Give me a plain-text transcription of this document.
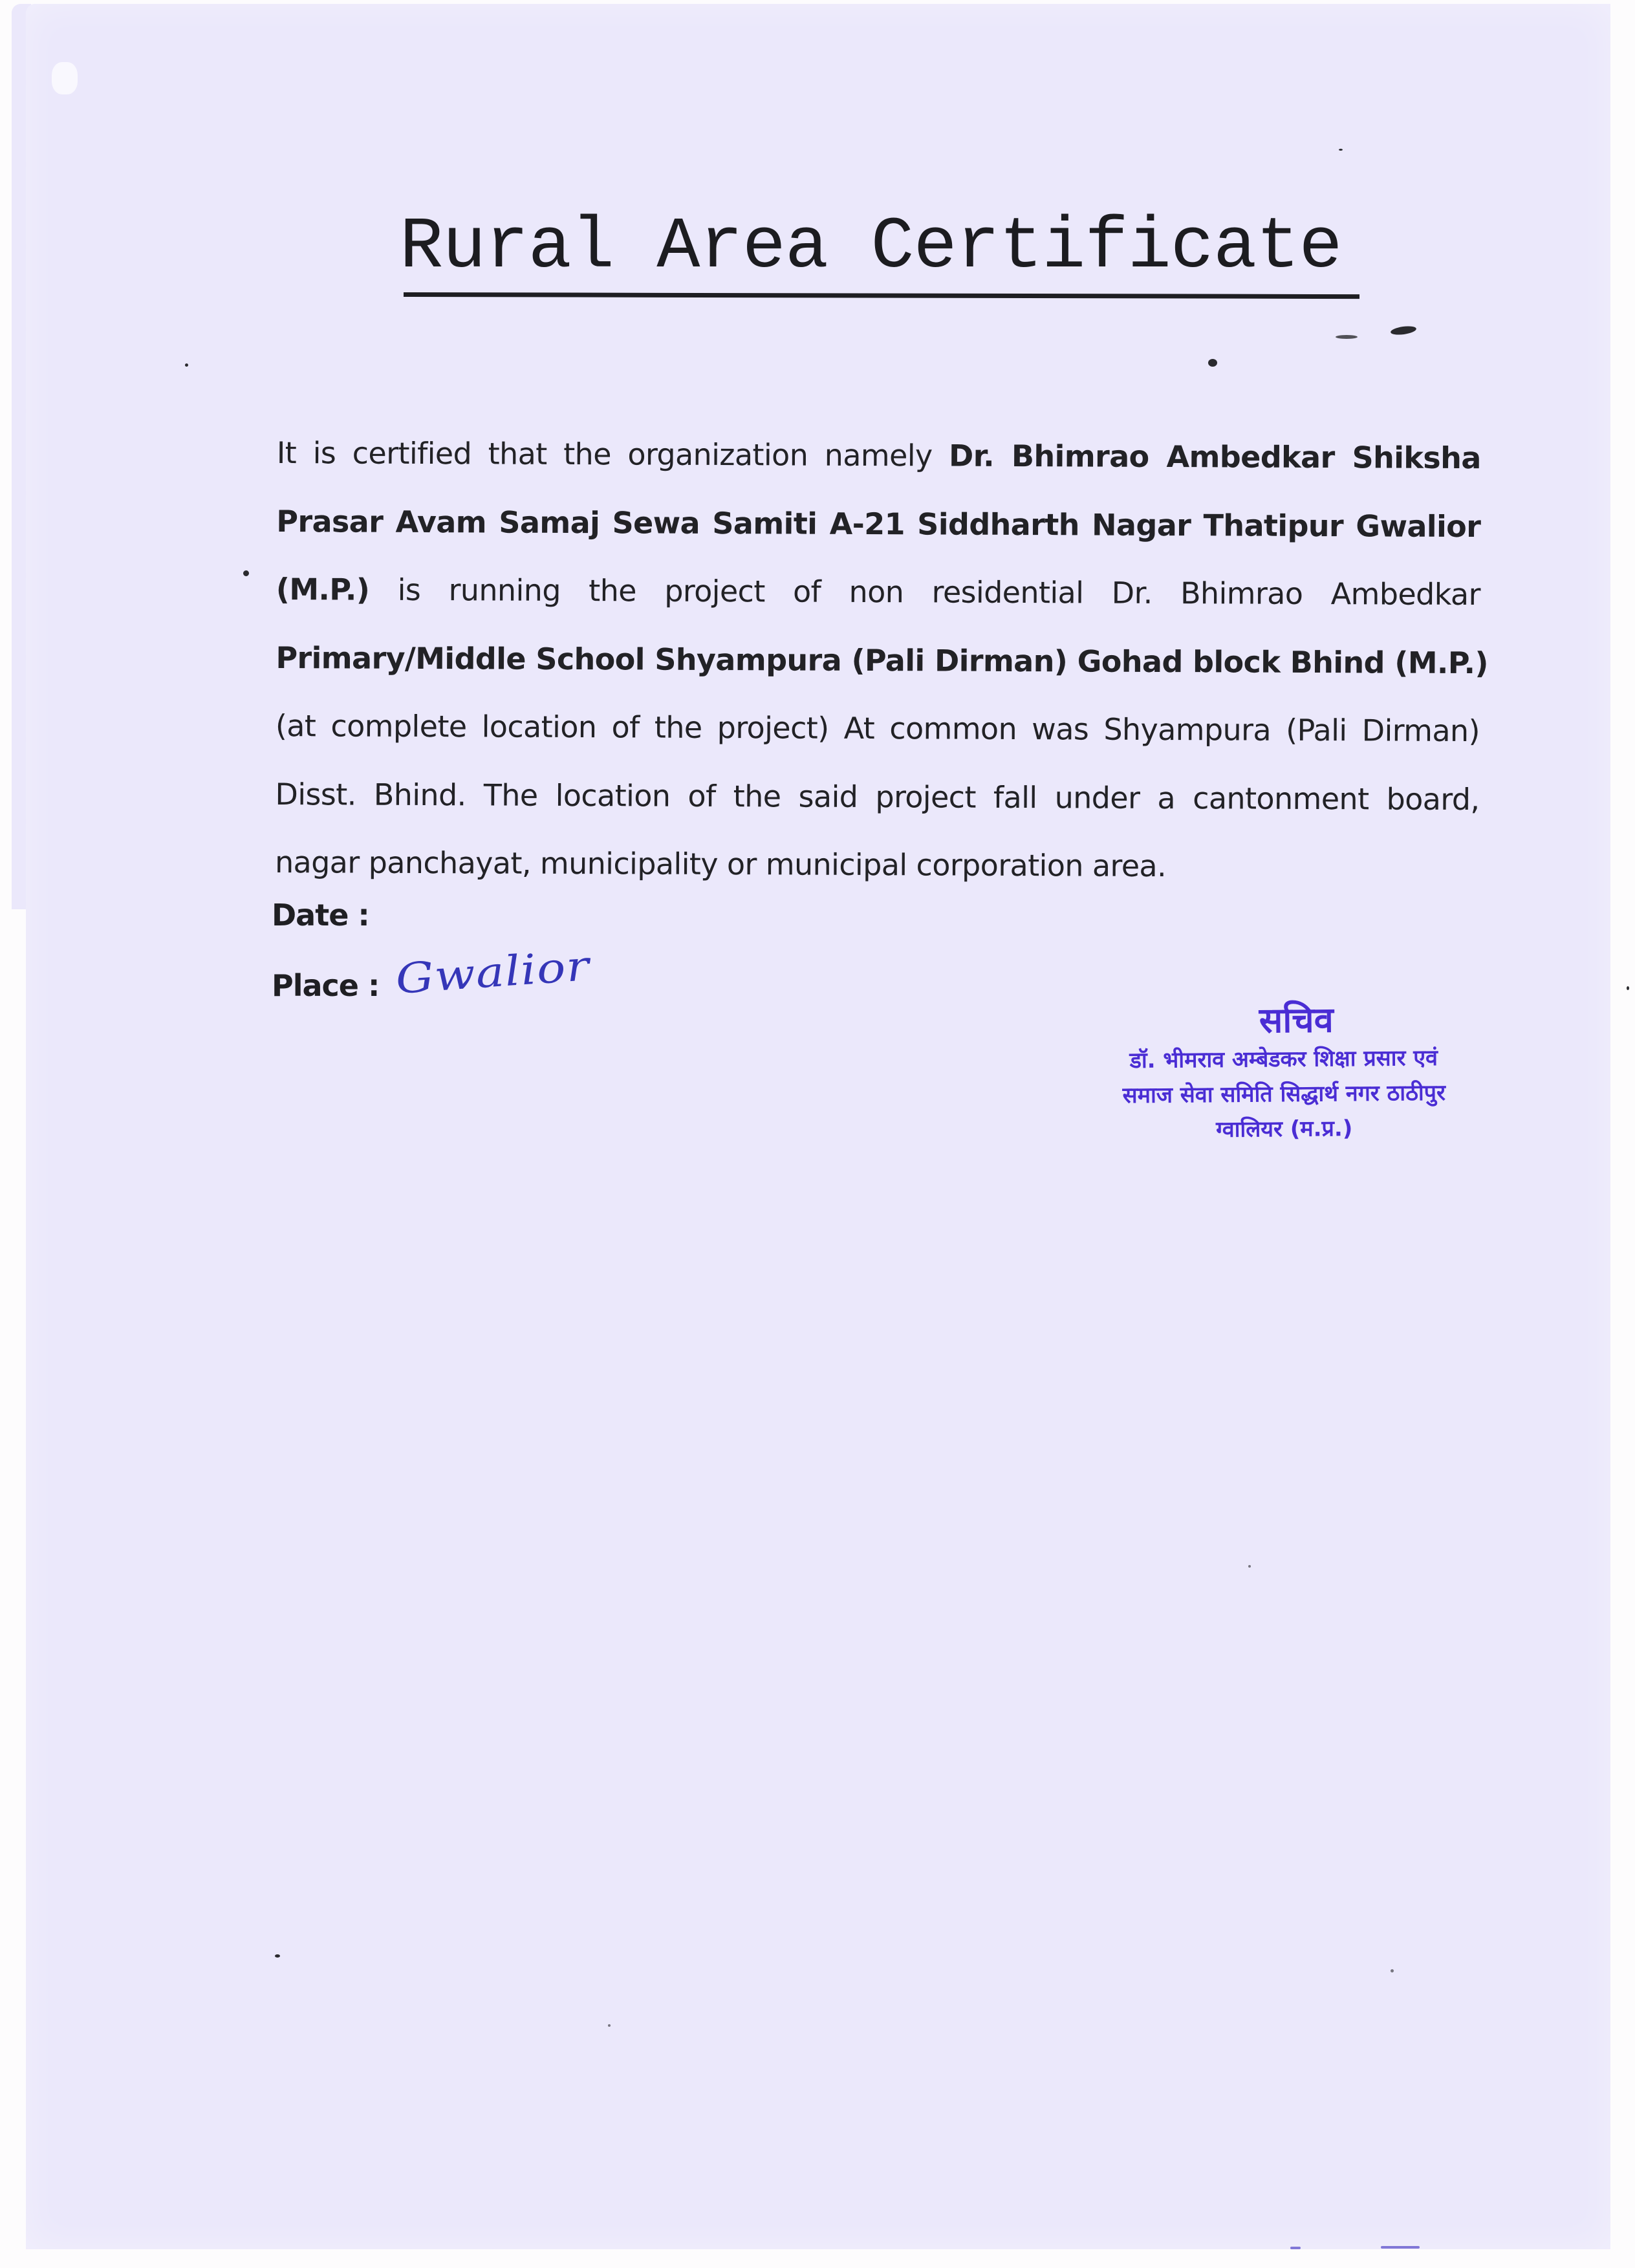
Rural Area Certificate
It is certified that the organization namely Dr. Bhimrao Ambedkar Shiksha
Prasar Avam Samaj Sewa Samiti A-21 Siddharth Nagar Thatipur Gwalior
(M.P.) is running the project of non residential Dr. Bhimrao Ambedkar
Primary/Middle School Shyampura (Pali Dirman) Gohad block Bhind (M.P.)
(at complete location of the project) At common was Shyampura (Pali Dirman)
Disst. Bhind. The location of the said project fall under a cantonment board,
nagar panchayat, municipality or municipal corporation area.
Date :
Place : Gwalior
सचिव
डॉ. भीमराव अम्बेडकर शिक्षा प्रसार एवं
समाज सेवा समिति सिद्धार्थ नगर ठाठीपुर
ग्वालियर (म.प्र.)
